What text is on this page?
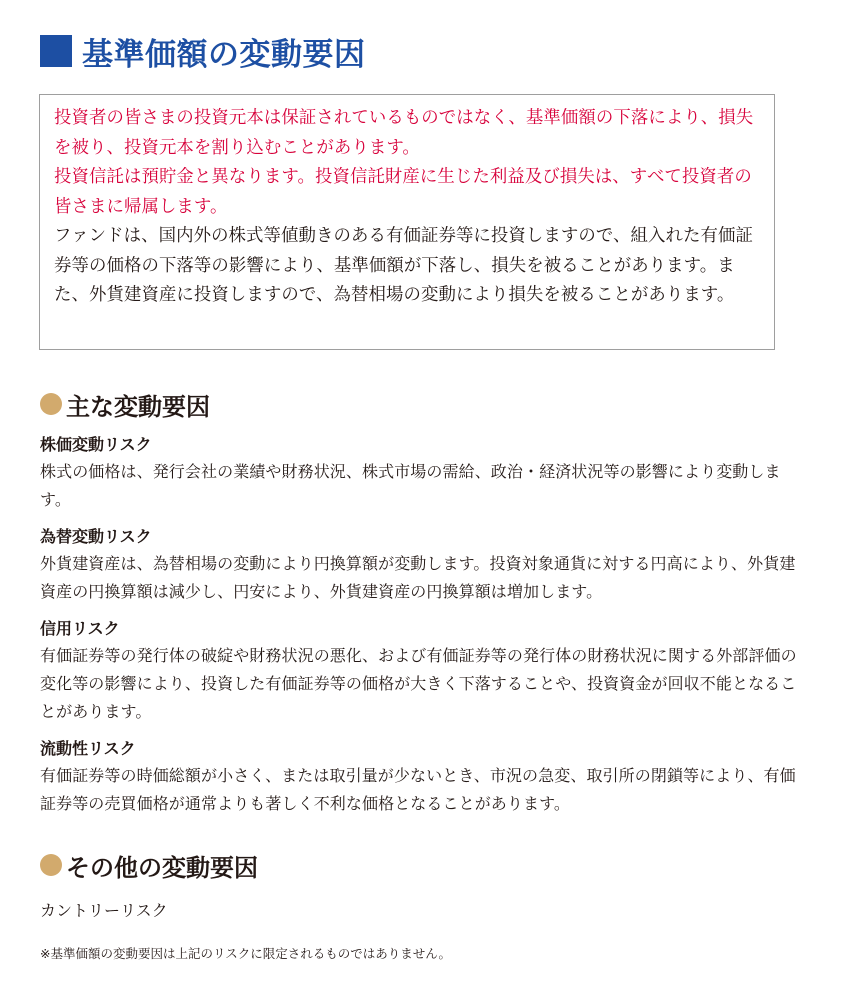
基準価額の変動要因

投資者の皆さまの投資元本は保証されているものではなく、基準価額の下落により、損失を被り、投資元本を割り込むことがあります。

投資信託は預貯金と異なります。投資信託財産に生じた利益及び損失は、すべて投資者の皆さまに帰属します。

ファンドは、国内外の株式等値動きのある有価証券等に投資しますので、組入れた有価証券等の価格の下落等の影響により、基準価額が下落し、損失を被ることがあります。また、外貨建資産に投資しますので、為替相場の変動により損失を被ることがあります。

主な変動要因

株価変動リスク

株式の価格は、発行会社の業績や財務状況、株式市場の需給、政治・経済状況等の影響により変動します。

為替変動リスク

外貨建資産は、為替相場の変動により円換算額が変動します。投資対象通貨に対する円高により、外貨建資産の円換算額は減少し、円安により、外貨建資産の円換算額は増加します。

信用リスク

有価証券等の発行体の破綻や財務状況の悪化、および有価証券等の発行体の財務状況に関する外部評価の変化等の影響により、投資した有価証券等の価格が大きく下落することや、投資資金が回収不能となることがあります。

流動性リスク

有価証券等の時価総額が小さく、または取引量が少ないとき、市況の急変、取引所の閉鎖等により、有価証券等の売買価格が通常よりも著しく不利な価格となることがあります。

その他の変動要因
カントリーリスク
※基準価額の変動要因は上記のリスクに限定されるものではありません。
